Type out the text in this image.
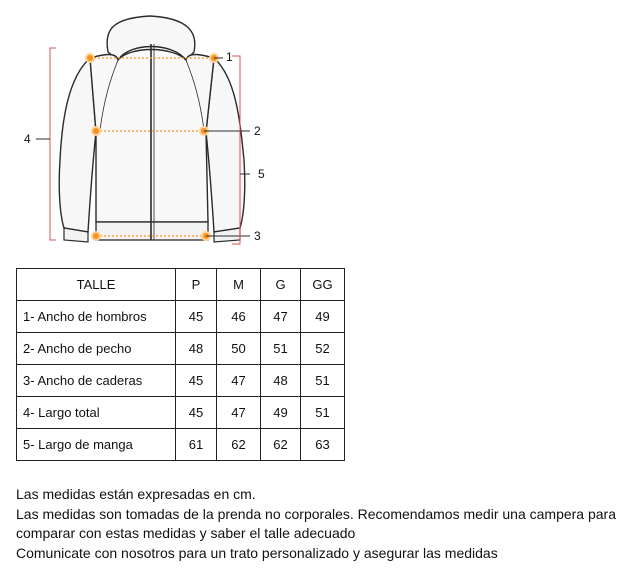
1
2
3
4
5
TALLE	P	M	G	GG
1- Ancho de hombros	45	46	47	49
2- Ancho de pecho	48	50	51	52
3- Ancho de caderas	45	47	48	51
4- Largo total	45	47	49	51
5- Largo de manga	61	62	62	63

Las medidas están expresadas en cm.

Las medidas son tomadas de la prenda no corporales. Recomendamos medir una campera para comparar con estas medidas y saber el talle adecuado

Comunicate con nosotros para un trato personalizado y asegurar las medidas
